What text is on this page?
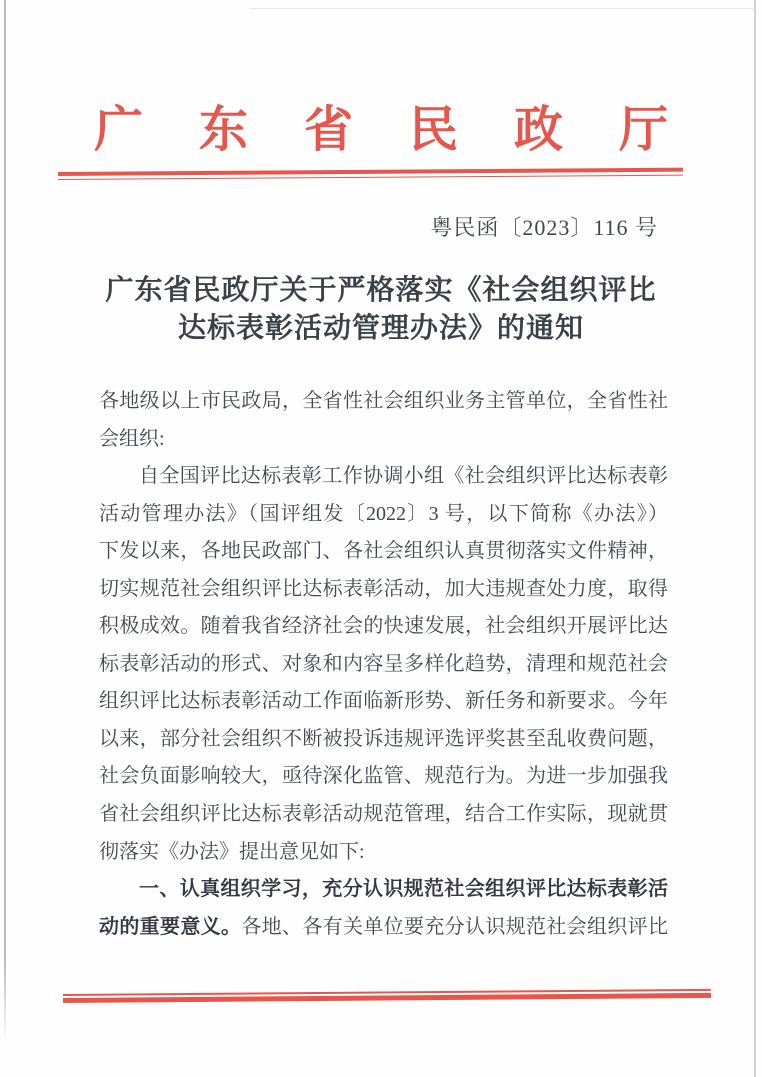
广东省民政厅
粤民函〔2023〕116 号
广东省民政厅关于严格落实《社会组织评比
达标表彰活动管理办法》的通知
各地级以上市民政局，全省性社会组织业务主管单位，全省性社
会组织:
自全国评比达标表彰工作协调小组《社会组织评比达标表彰
活动管理办法》（国评组发〔2022〕3 号，以下简称《办法》）
下发以来，各地民政部门、各社会组织认真贯彻落实文件精神，
切实规范社会组织评比达标表彰活动，加大违规查处力度，取得
积极成效。随着我省经济社会的快速发展，社会组织开展评比达
标表彰活动的形式、对象和内容呈多样化趋势，清理和规范社会
组织评比达标表彰活动工作面临新形势、新任务和新要求。今年
以来，部分社会组织不断被投诉违规评选评奖甚至乱收费问题，
社会负面影响较大，亟待深化监管、规范行为。为进一步加强我
省社会组织评比达标表彰活动规范管理，结合工作实际，现就贯
彻落实《办法》提出意见如下:
一、认真组织学习，充分认识规范社会组织评比达标表彰活
动的重要意义。各地、各有关单位要充分认识规范社会组织评比
